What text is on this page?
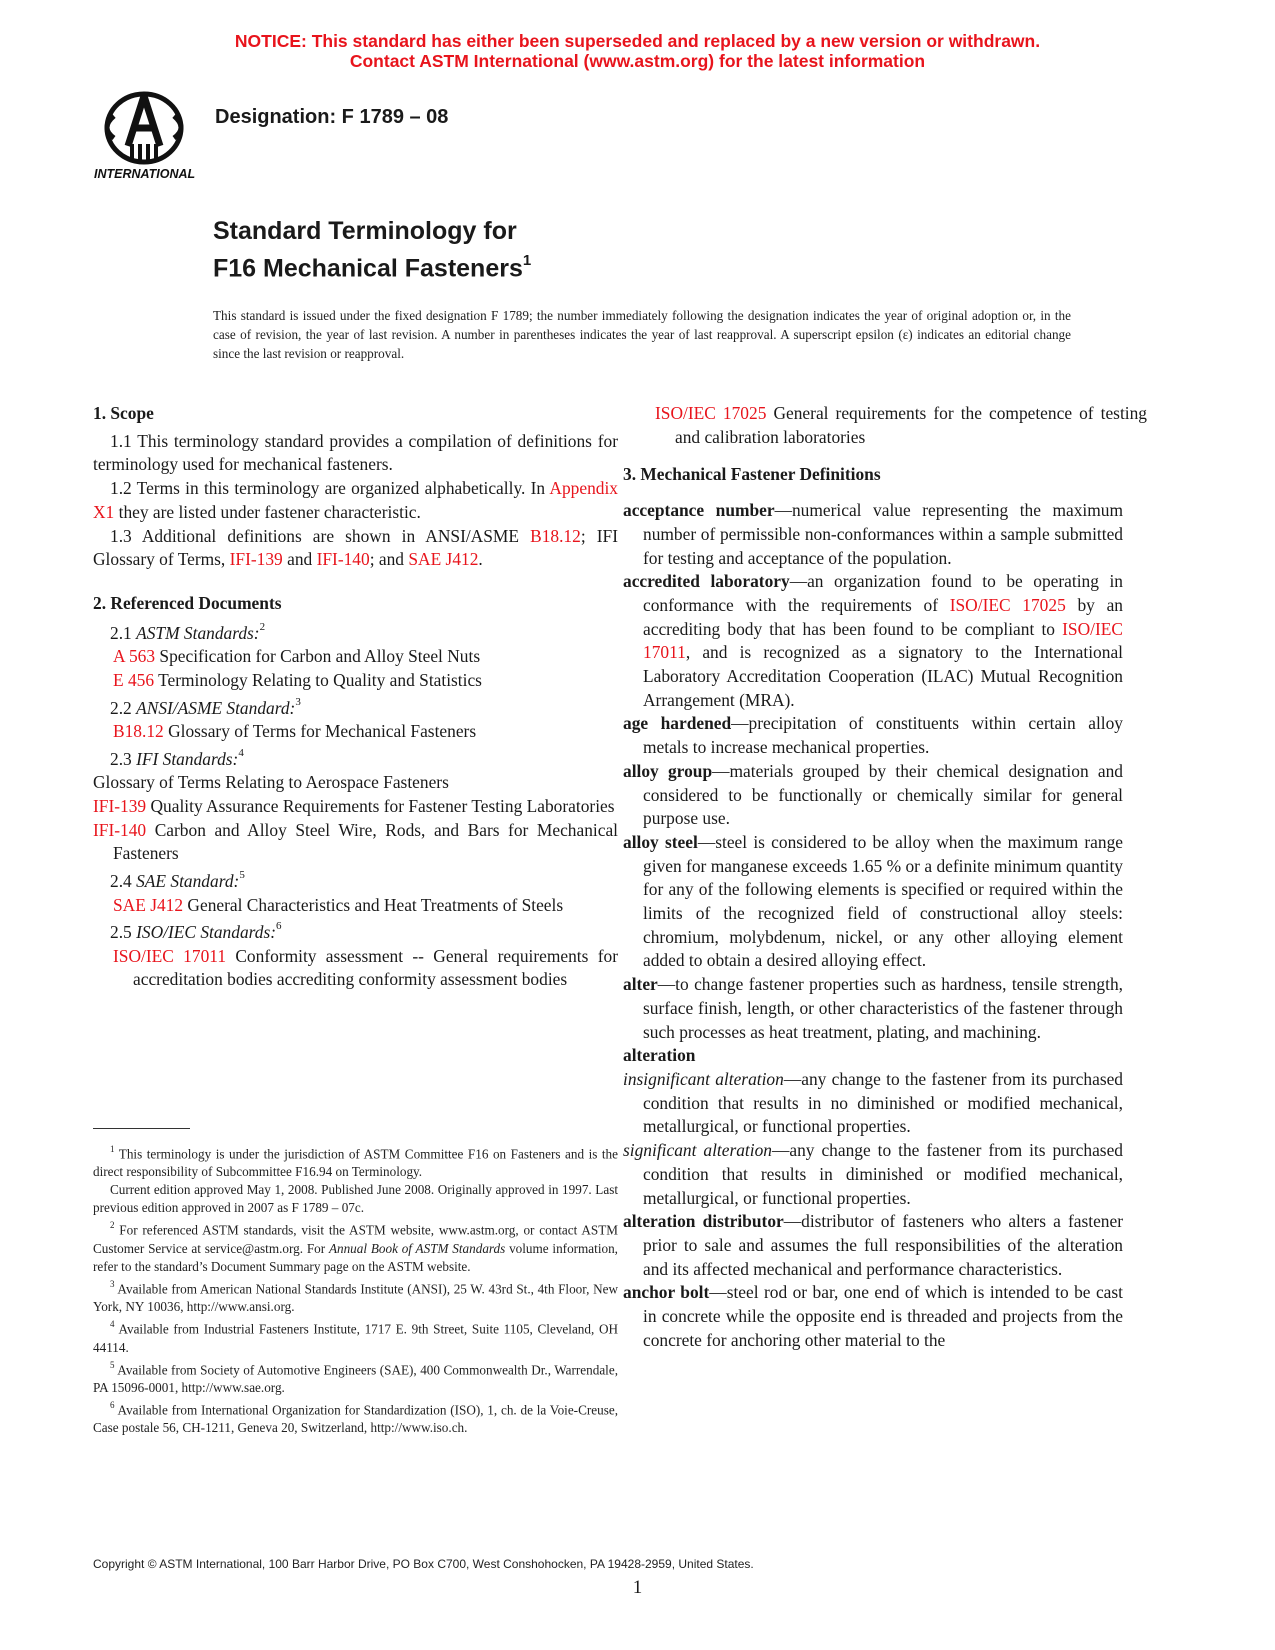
NOTICE: This standard has either been superseded and replaced by a new version or withdrawn.
Contact ASTM International (www.astm.org) for the latest information
INTERNATIONAL
Designation: F 1789 – 08
Standard Terminology for
F16 Mechanical Fasteners$^1$
This standard is issued under the fixed designation F 1789; the number immediately following the designation indicates the year of original adoption or, in the case of revision, the year of last revision. A number in parentheses indicates the year of last reapproval. A superscript epsilon (ε) indicates an editorial change since the last revision or reapproval.

1. Scope

1.1 This terminology standard provides a compilation of definitions for terminology used for mechanical fasteners.

1.2 Terms in this terminology are organized alphabetically. In Appendix X1 they are listed under fastener characteristic.

1.3 Additional definitions are shown in ANSI/ASME B18.12; IFI Glossary of Terms, IFI-139 and IFI-140; and SAE J412.

2. Referenced Documents

2.1 ASTM Standards:$^2$

A 563 Specification for Carbon and Alloy Steel Nuts

E 456 Terminology Relating to Quality and Statistics

2.2 ANSI/ASME Standard:$^3$

B18.12 Glossary of Terms for Mechanical Fasteners

2.3 IFI Standards:$^4$

Glossary of Terms Relating to Aerospace Fasteners

IFI-139 Quality Assurance Requirements for Fastener Testing Laboratories

IFI-140 Carbon and Alloy Steel Wire, Rods, and Bars for Mechanical Fasteners

2.4 SAE Standard:$^5$

SAE J412 General Characteristics and Heat Treatments of Steels

2.5 ISO/IEC Standards:$^6$

ISO/IEC 17011 Conformity assessment -- General requirements for accreditation bodies accrediting conformity assessment bodies

$^1$ This terminology is under the jurisdiction of ASTM Committee F16 on Fasteners and is the direct responsibility of Subcommittee F16.94 on Terminology.

Current edition approved May 1, 2008. Published June 2008. Originally approved in 1997. Last previous edition approved in 2007 as F 1789 – 07c.

$^2$ For referenced ASTM standards, visit the ASTM website, www.astm.org, or contact ASTM Customer Service at service@astm.org. For Annual Book of ASTM Standards volume information, refer to the standard’s Document Summary page on the ASTM website.

$^3$ Available from American National Standards Institute (ANSI), 25 W. 43rd St., 4th Floor, New York, NY 10036, http://www.ansi.org.

$^4$ Available from Industrial Fasteners Institute, 1717 E. 9th Street, Suite 1105, Cleveland, OH 44114.

$^5$ Available from Society of Automotive Engineers (SAE), 400 Commonwealth Dr., Warrendale, PA 15096-0001, http://www.sae.org.

$^6$ Available from International Organization for Standardization (ISO), 1, ch. de la Voie-Creuse, Case postale 56, CH-1211, Geneva 20, Switzerland, http://www.iso.ch.

ISO/IEC 17025 General requirements for the competence of testing and calibration laboratories

3. Mechanical Fastener Definitions

acceptance number—numerical value representing the maximum number of permissible non-conformances within a sample submitted for testing and acceptance of the population.

accredited laboratory—an organization found to be operating in conformance with the requirements of ISO/IEC 17025 by an accrediting body that has been found to be compliant to ISO/IEC 17011, and is recognized as a signatory to the International Laboratory Accreditation Cooperation (ILAC) Mutual Recognition Arrangement (MRA).

age hardened—precipitation of constituents within certain alloy metals to increase mechanical properties.

alloy group—materials grouped by their chemical designation and considered to be functionally or chemically similar for general purpose use.

alloy steel—steel is considered to be alloy when the maximum range given for manganese exceeds 1.65 % or a definite minimum quantity for any of the following elements is specified or required within the limits of the recognized field of constructional alloy steels: chromium, molybdenum, nickel, or any other alloying element added to obtain a desired alloying effect.

alter—to change fastener properties such as hardness, tensile strength, surface finish, length, or other characteristics of the fastener through such processes as heat treatment, plating, and machining.

alteration

insignificant alteration—any change to the fastener from its purchased condition that results in no diminished or modified mechanical, metallurgical, or functional properties.

significant alteration—any change to the fastener from its purchased condition that results in diminished or modified mechanical, metallurgical, or functional properties.

alteration distributor—distributor of fasteners who alters a fastener prior to sale and assumes the full responsibilities of the alteration and its affected mechanical and performance characteristics.

anchor bolt—steel rod or bar, one end of which is intended to be cast in concrete while the opposite end is threaded and projects from the concrete for anchoring other material to the

Copyright © ASTM International, 100 Barr Harbor Drive, PO Box C700, West Conshohocken, PA 19428-2959, United States.
1
